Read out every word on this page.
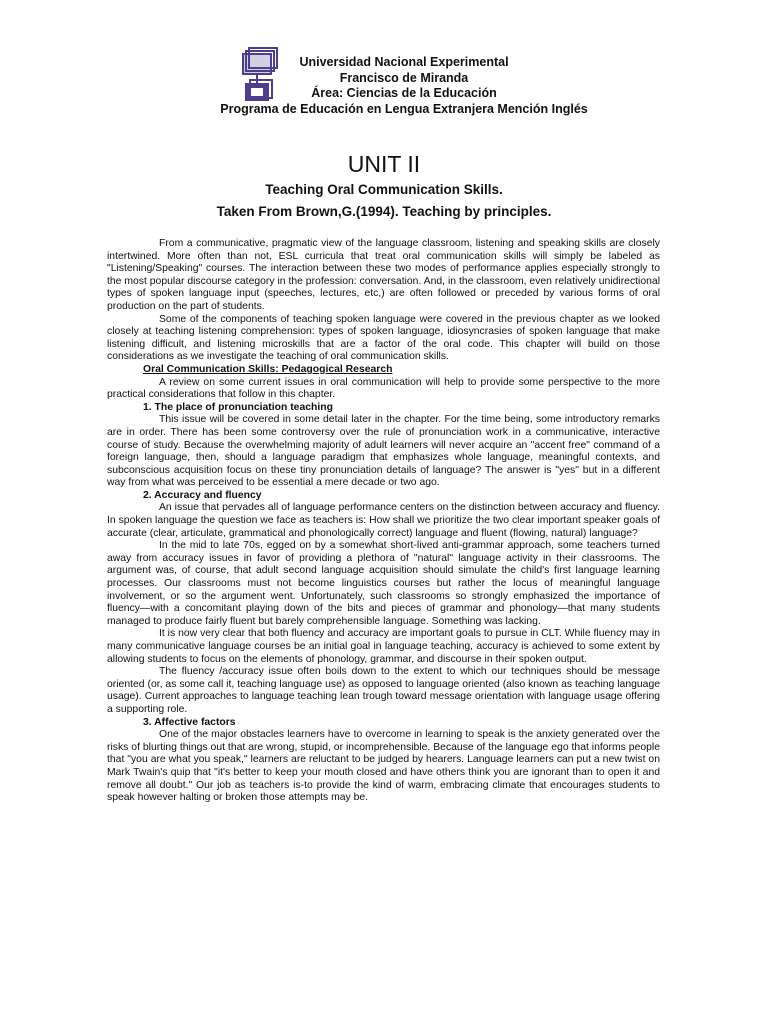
Universidad Nacional Experimental
Francisco de Miranda
Área: Ciencias de la Educación
Programa de Educación en Lengua Extranjera Mención Inglés
UNIT II
Teaching Oral Communication Skills.
Taken From Brown,G.(1994). Teaching by principles.

From a communicative, pragmatic view of the language classroom, listening and speaking skills are closely intertwined. More often than not, ESL curricula that treat oral communication skills will simply be labeled as "Listening/Speaking" courses. The interaction between these two modes of performance applies especially strongly to the most popular discourse category in the profession: conversation. And, in the classroom, even relatively unidirectional types of spoken language input (speeches, lectures, etc,) are often followed or preceded by various forms of oral production on the part of students.

Some of the components of teaching spoken language were covered in the previous chapter as we looked closely at teaching listening comprehension: types of spoken language, idiosyncrasies of spoken language that make listening difficult, and listening microskills that are a factor of the oral code. This chapter will build on those considerations as we investigate the teaching of oral communication skills.

Oral Communication Skills: Pedagogical Research

A review on some current issues in oral communication will help to provide some perspective to the more practical considerations that follow in this chapter.

1. The place of pronunciation teaching

This issue will be covered in some detail later in the chapter. For the time being, some introductory remarks are in order. There has been some controversy over the rule of pronunciation work in a communicative, interactive course of study. Because the overwhelming majority of adult learners will never acquire an "accent free" command of a foreign language, then, should a language paradigm that emphasizes whole language, meaningful contexts, and subconscious acquisition focus on these tiny pronunciation details of language? The answer is "yes" but in a different way from what was perceived to be essential a mere decade or two ago.

2. Accuracy and fluency

An issue that pervades all of language performance centers on the distinction between accuracy and fluency. In spoken language the question we face as teachers is: How shall we prioritize the two clear important speaker goals of accurate (clear, articulate, grammatical and phonologically correct) language and fluent (flowing, natural) language?

In the mid to late 70s, egged on by a somewhat short-lived anti-grammar approach, some teachers turned away from accuracy issues in favor of providing a plethora of "natural" language activity in their classrooms. The argument was, of course, that adult second language acquisition should simulate the child's first language learning processes. Our classrooms must not become linguistics courses but rather the locus of meaningful language involvement, or so the argument went. Unfortunately, such classrooms so strongly emphasized the importance of fluency—with a concomitant playing down of the bits and pieces of grammar and phonology—that many students managed to produce fairly fluent but barely comprehensible language. Something was lacking.

It is now very clear that both fluency and accuracy are important goals to pursue in CLT. While fluency may in many communicative language courses be an initial goal in language teaching, accuracy is achieved to some extent by allowing students to focus on the elements of phonology, grammar, and discourse in their spoken output.

The fluency /accuracy issue often boils down to the extent to which our techniques should be message oriented (or, as some call it, teaching language use) as opposed to language oriented (also known as teaching language usage). Current approaches to language teaching lean trough toward message orientation with language usage offering a supporting role.

3. Affective factors

One of the major obstacles learners have to overcome in learning to speak is the anxiety generated over the risks of blurting things out that are wrong, stupid, or incomprehensible. Because of the language ego that informs people that "you are what you speak," learners are reluctant to be judged by hearers. Language learners can put a new twist on Mark Twain's quip that "it's better to keep your mouth closed and have others think you are ignorant than to open it and remove all doubt." Our job as teachers is-to provide the kind of warm, embracing climate that encourages students to speak however halting or broken those attempts may be.
